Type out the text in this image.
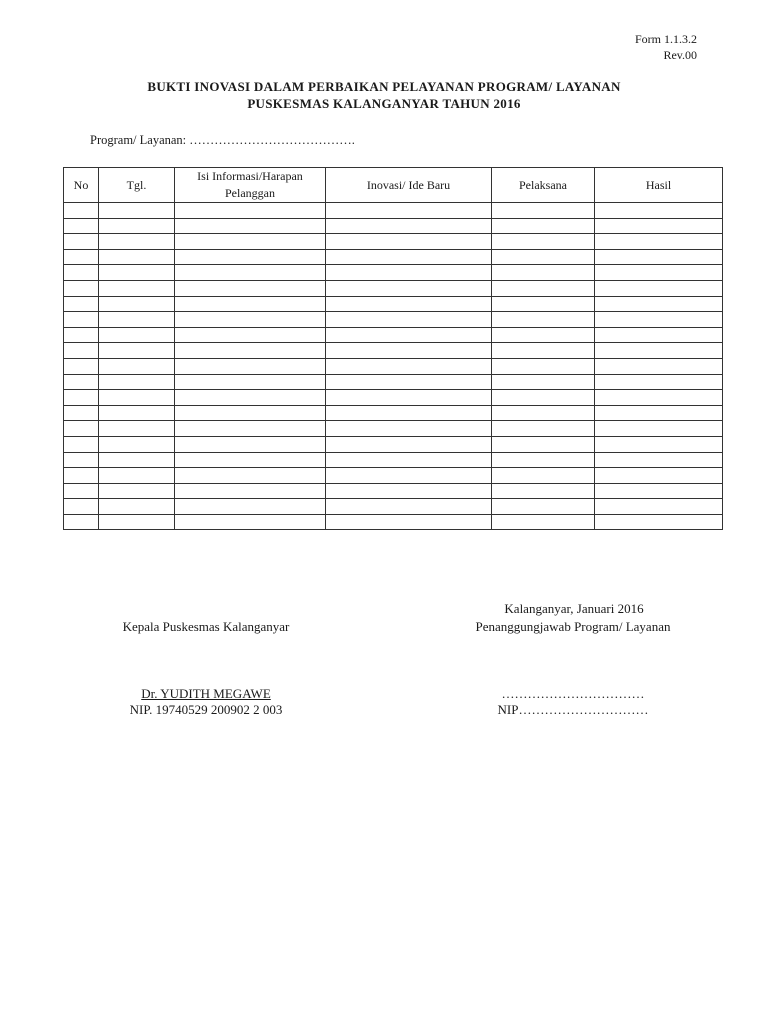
Form 1.1.3.2
Rev.00
BUKTI INOVASI DALAM PERBAIKAN PELAYANAN PROGRAM/ LAYANAN
PUSKESMAS KALANGANYAR TAHUN 2016
Program/ Layanan: ………………………………….
No	Tgl.	Isi Informasi/Harapan Pelanggan	Inovasi/ Ide Baru	Pelaksana	Hasil

Kalanganyar, Januari 2016
Kepala Puskesmas Kalanganyar	Penanggungjawab Program/ Layanan
Dr. YUDITH MEGAWE
NIP. 19740529 200902 2 003
……………………………
NIP…………………………
